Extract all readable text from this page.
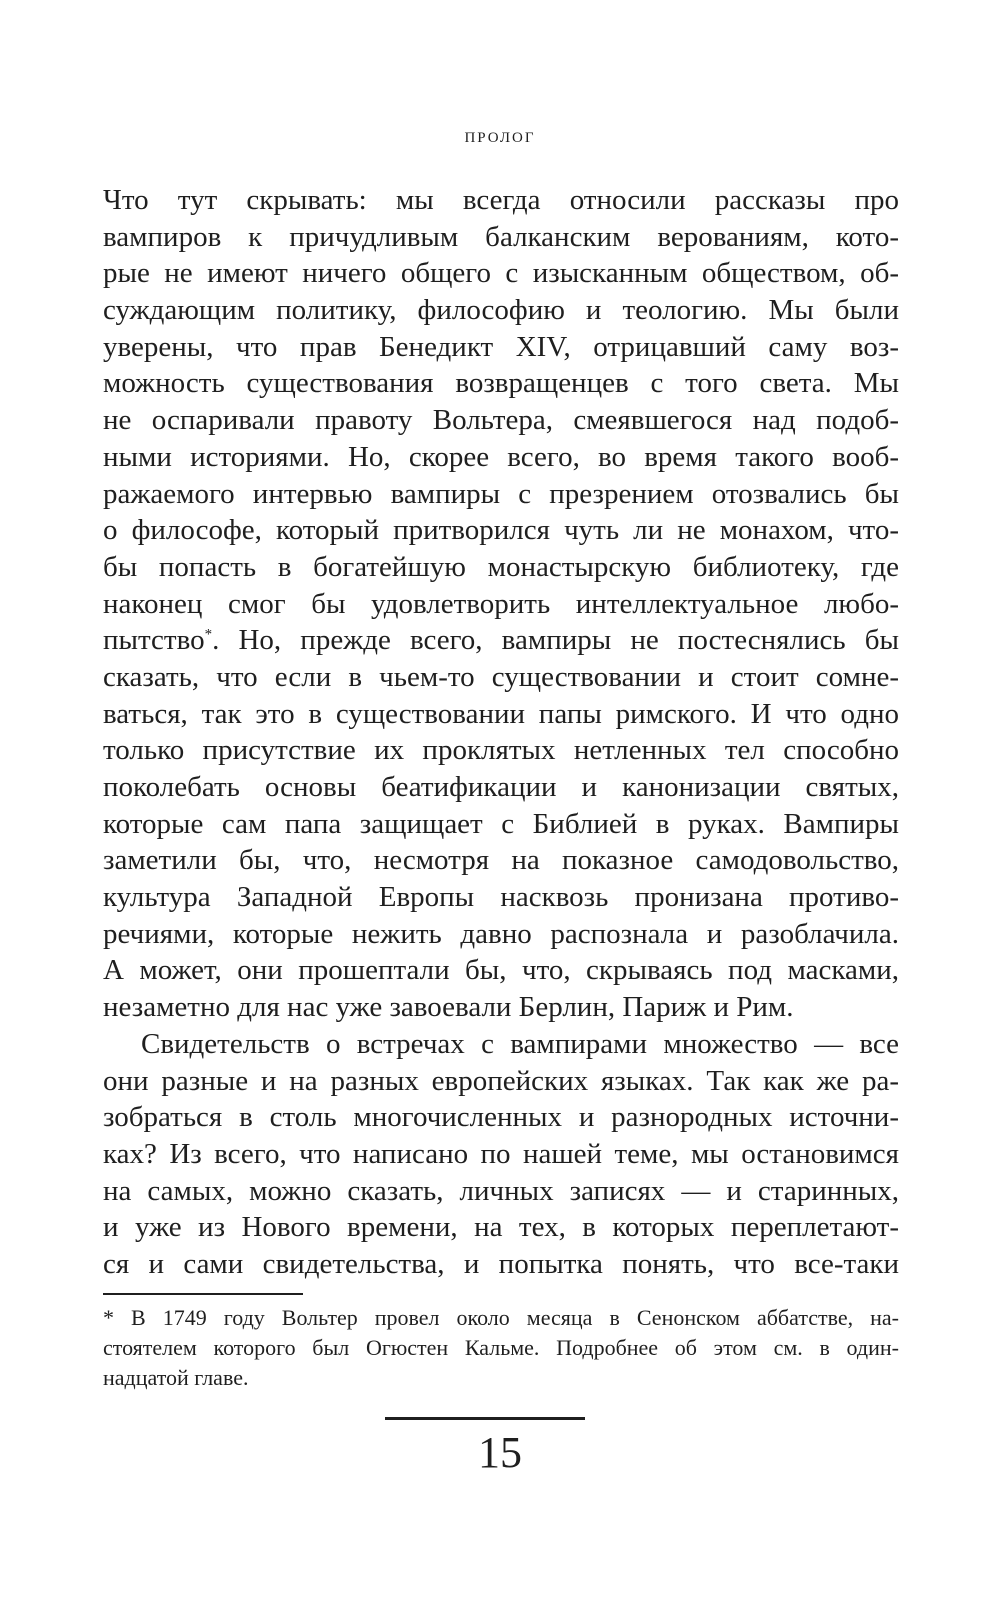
ПРОЛОГ
Что тут скрывать: мы всегда относили рассказы про
вампиров к причудливым балканским верованиям, кото-
рые не имеют ничего общего с изысканным обществом, об-
суждающим политику, философию и теологию. Мы были
уверены, что прав Бенедикт XIV, отрицавший саму воз-
можность существования возвращенцев с того света. Мы
не оспаривали правоту Вольтера, смеявшегося над подоб-
ными историями. Но, скорее всего, во время такого вооб-
ражаемого интервью вампиры с презрением отозвались бы
о философе, который притворился чуть ли не монахом, что-
бы попасть в богатейшую монастырскую библиотеку, где
наконец смог бы удовлетворить интеллектуальное любо-
пытство*. Но, прежде всего, вампиры не постеснялись бы
сказать, что если в чьем-то существовании и стоит сомне-
ваться, так это в существовании папы римского. И что одно
только присутствие их проклятых нетленных тел способно
поколебать основы беатификации и канонизации святых,
которые сам папа защищает с Библией в руках. Вампиры
заметили бы, что, несмотря на показное самодовольство,
культура Западной Европы насквозь пронизана противо-
речиями, которые нежить давно распознала и разоблачила.
А может, они прошептали бы, что, скрываясь под масками,
незаметно для нас уже завоевали Берлин, Париж и Рим.
Свидетельств о встречах с вампирами множество — все
они разные и на разных европейских языках. Так как же ра-
зобраться в столь многочисленных и разнородных источни-
ках? Из всего, что написано по нашей теме, мы остановимся
на самых, можно сказать, личных записях — и старинных,
и уже из Нового времени, на тех, в которых переплетают-
ся и сами свидетельства, и попытка понять, что все-таки
* В 1749 году Вольтер провел около месяца в Сенонском аббатстве, на-
стоятелем которого был Огюстен Кальме. Подробнее об этом см. в один-
надцатой главе.
15
